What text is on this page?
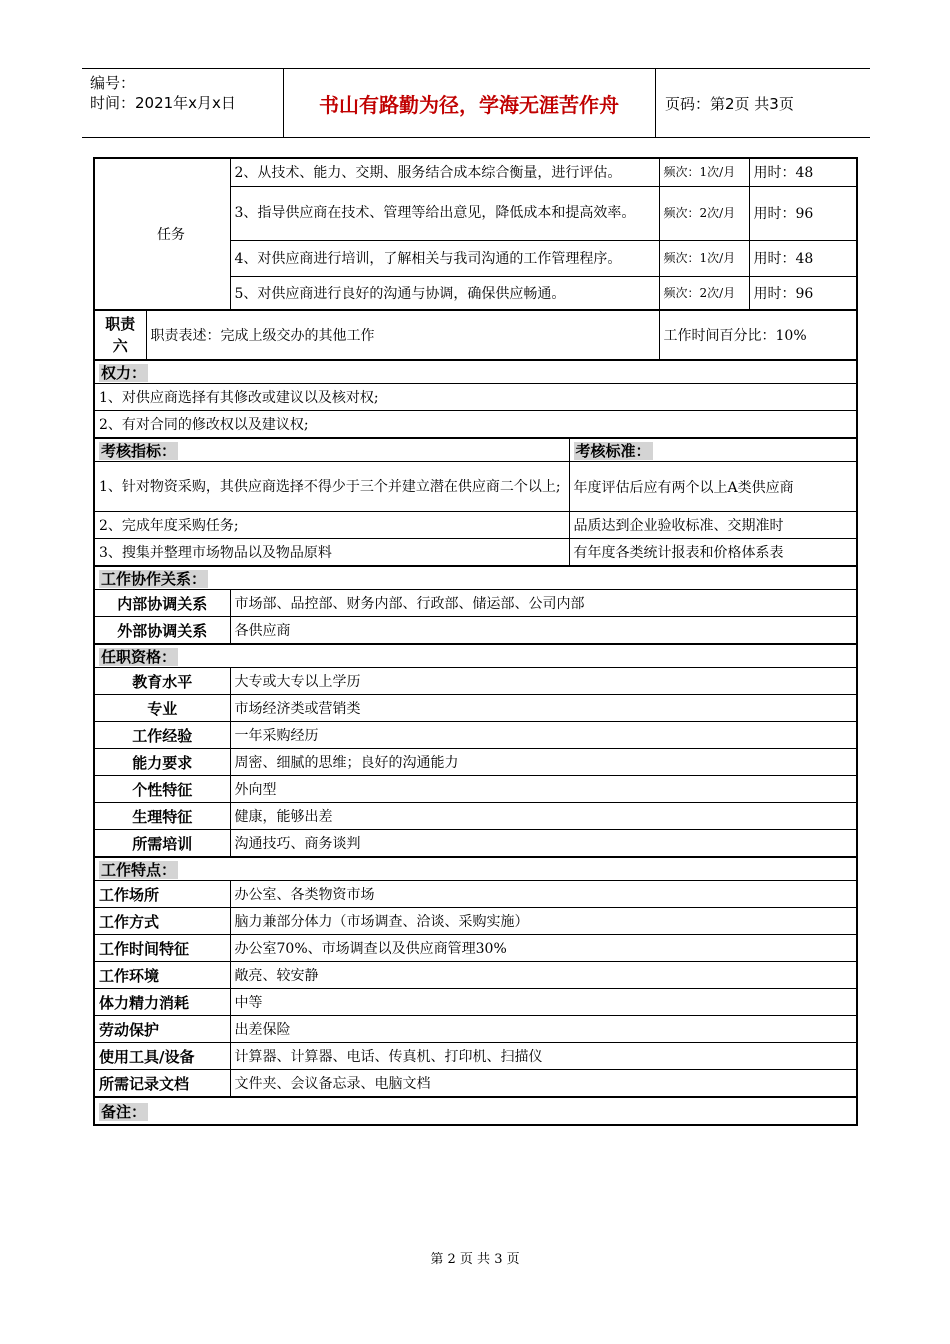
编号：
时间：2021年x月x日	书山有路勤为径，学海无涯苦作舟	页码：第2页 共3页
任务		2、从技术、能力、交期、服务结合成本综合衡量，进行评估。		频次：1次/月	用时：48
		3、指导供应商在技术、管理等给出意见，降低成本和提高效率。		频次：2次/月	用时：96
		4、对供应商进行培训，了解相关与我司沟通的工作管理程序。		频次：1次/月	用时：48
		5、对供应商进行良好的沟通与协调，确保供应畅通。		频次：2次/月	用时：96
职责六	职责表述：完成上级交办的其他工作			工作时间百分比：10%	
权力：					
1、对供应商选择有其修改或建议以及核对权;					
2、有对合同的修改权以及建议权;					
考核指标：			考核标准：		
1、针对物资采购，其供应商选择不得少于三个并建立潜在供应商二个以上;			年度评估后应有两个以上A类供应商		
2、完成年度采购任务;			品质达到企业验收标准、交期准时		
3、搜集并整理市场物品以及物品原料			有年度各类统计报表和价格体系表		
工作协作关系：					
内部协调关系		市场部、品控部、财务内部、行政部、储运部、公司内部			
外部协调关系		各供应商			
任职资格：					
教育水平		大专或大专以上学历			
专业		市场经济类或营销类			
工作经验		一年采购经历			
能力要求		周密、细腻的思维；良好的沟通能力			
个性特征		外向型			
生理特征		健康，能够出差			
所需培训		沟通技巧、商务谈判			
工作特点：					
工作场所		办公室、各类物资市场			
工作方式		脑力兼部分体力（市场调查、洽谈、采购实施）			
工作时间特征		办公室70%、市场调查以及供应商管理30%			
工作环境		敞亮、较安静			
体力精力消耗		中等			
劳动保护		出差保险			
使用工具/设备		计算器、计算器、电话、传真机、打印机、扫描仪			
所需记录文档		文件夹、会议备忘录、电脑文档			
备注：					
第 2 页 共 3 页
